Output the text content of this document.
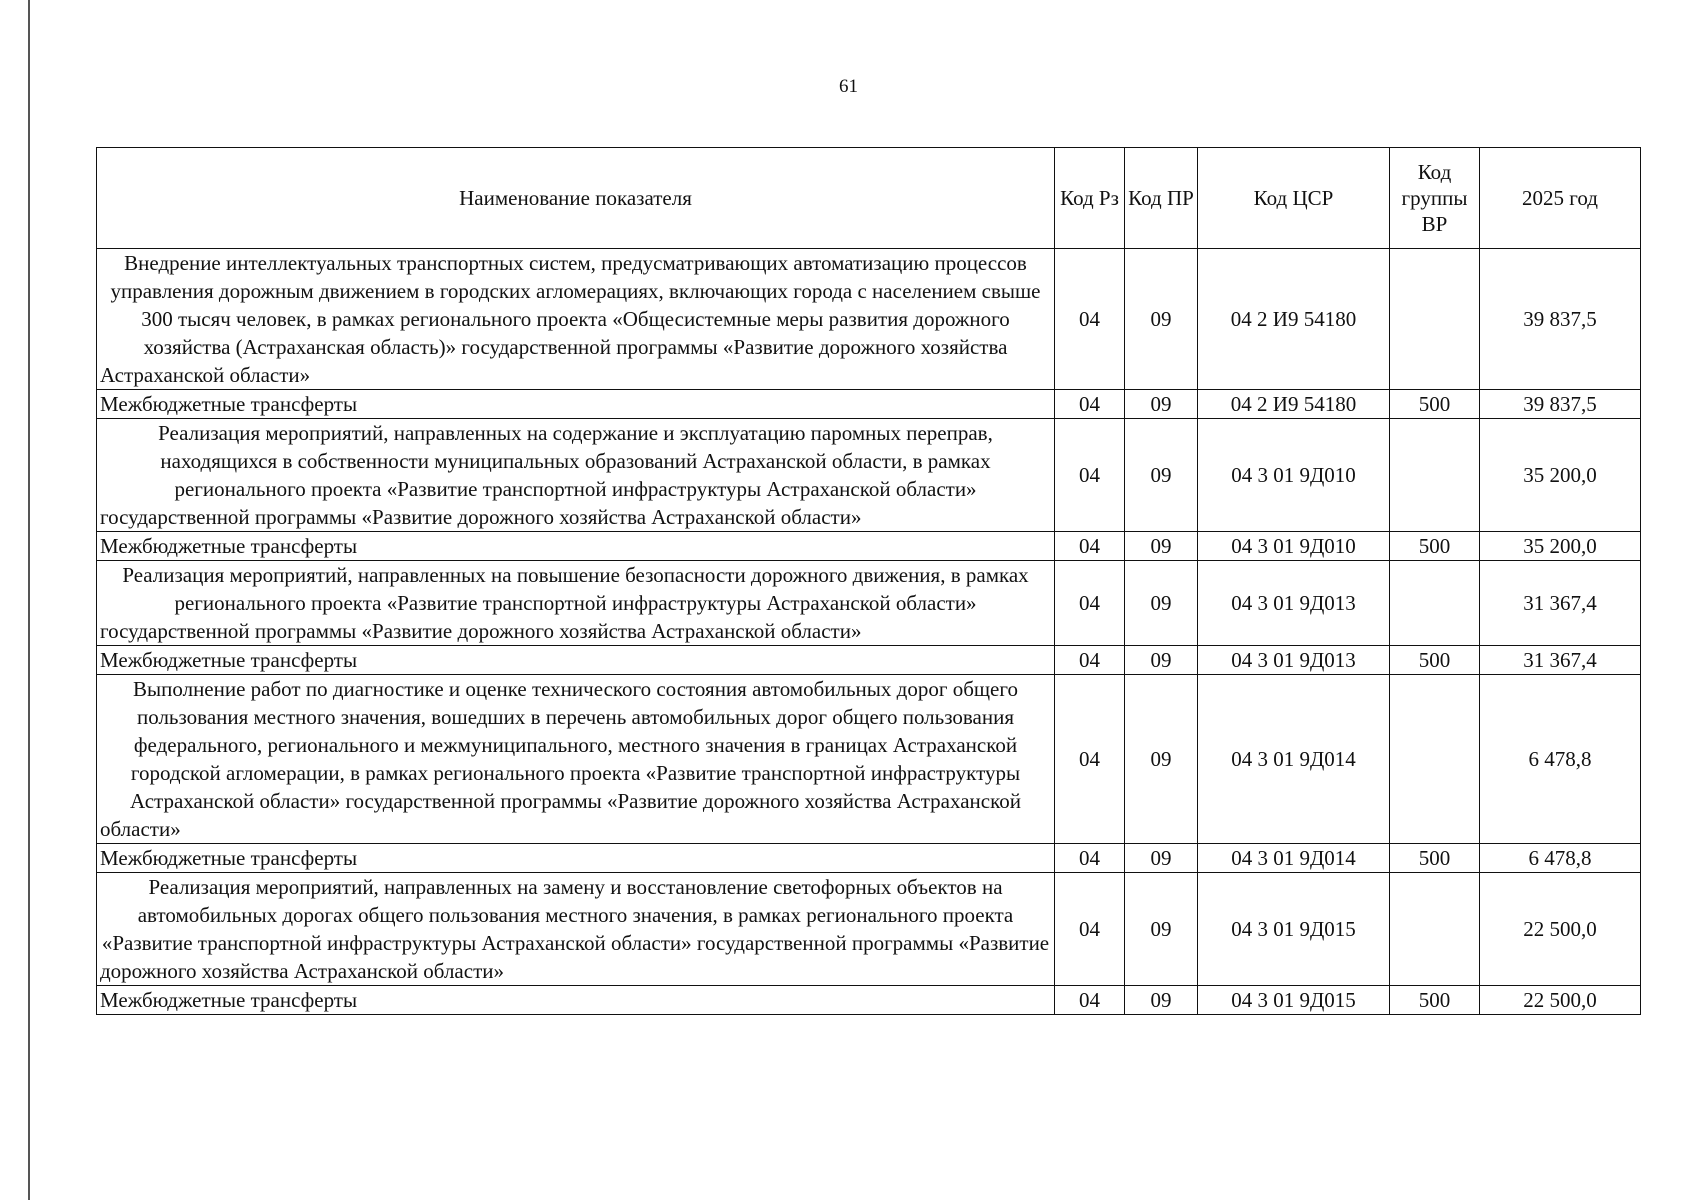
61
Наименование показателя	Код Рз	Код ПР	Код ЦСР	Код группы ВР	2025 год
Внедрение интеллектуальных транспортных систем, предусматривающих автоматизацию процессов управления дорожным движением в городских агломерациях, включающих города с населением свыше 300 тысяч человек, в рамках регионального проекта «Общесистемные меры развития дорожного хозяйства (Астраханская область)» государственной программы «Развитие дорожного хозяйства Астраханской области»	04	09	04 2 И9 54180		39 837,5
Межбюджетные трансферты	04	09	04 2 И9 54180	500	39 837,5
Реализация мероприятий, направленных на содержание и эксплуатацию паромных переправ, находящихся в собственности муниципальных образований Астраханской области, в рамках регионального проекта «Развитие транспортной инфраструктуры Астраханской области» государственной программы «Развитие дорожного хозяйства Астраханской области»	04	09	04 3 01 9Д010		35 200,0
Межбюджетные трансферты	04	09	04 3 01 9Д010	500	35 200,0
Реализация мероприятий, направленных на повышение безопасности дорожного движения, в рамках регионального проекта «Развитие транспортной инфраструктуры Астраханской области» государственной программы «Развитие дорожного хозяйства Астраханской области»	04	09	04 3 01 9Д013		31 367,4
Межбюджетные трансферты	04	09	04 3 01 9Д013	500	31 367,4
Выполнение работ по диагностике и оценке технического состояния автомобильных дорог общего пользования местного значения, вошедших в перечень автомобильных дорог общего пользования федерального, регионального и межмуниципального, местного значения в границах Астраханской городской агломерации, в рамках регионального проекта «Развитие транспортной инфраструктуры Астраханской области» государственной программы «Развитие дорожного хозяйства Астраханской области»	04	09	04 3 01 9Д014		6 478,8
Межбюджетные трансферты	04	09	04 3 01 9Д014	500	6 478,8
Реализация мероприятий, направленных на замену и восстановление светофорных объектов на автомобильных дорогах общего пользования местного значения, в рамках регионального проекта «Развитие транспортной инфраструктуры Астраханской области» государственной программы «Развитие дорожного хозяйства Астраханской области»	04	09	04 3 01 9Д015		22 500,0
Межбюджетные трансферты	04	09	04 3 01 9Д015	500	22 500,0
